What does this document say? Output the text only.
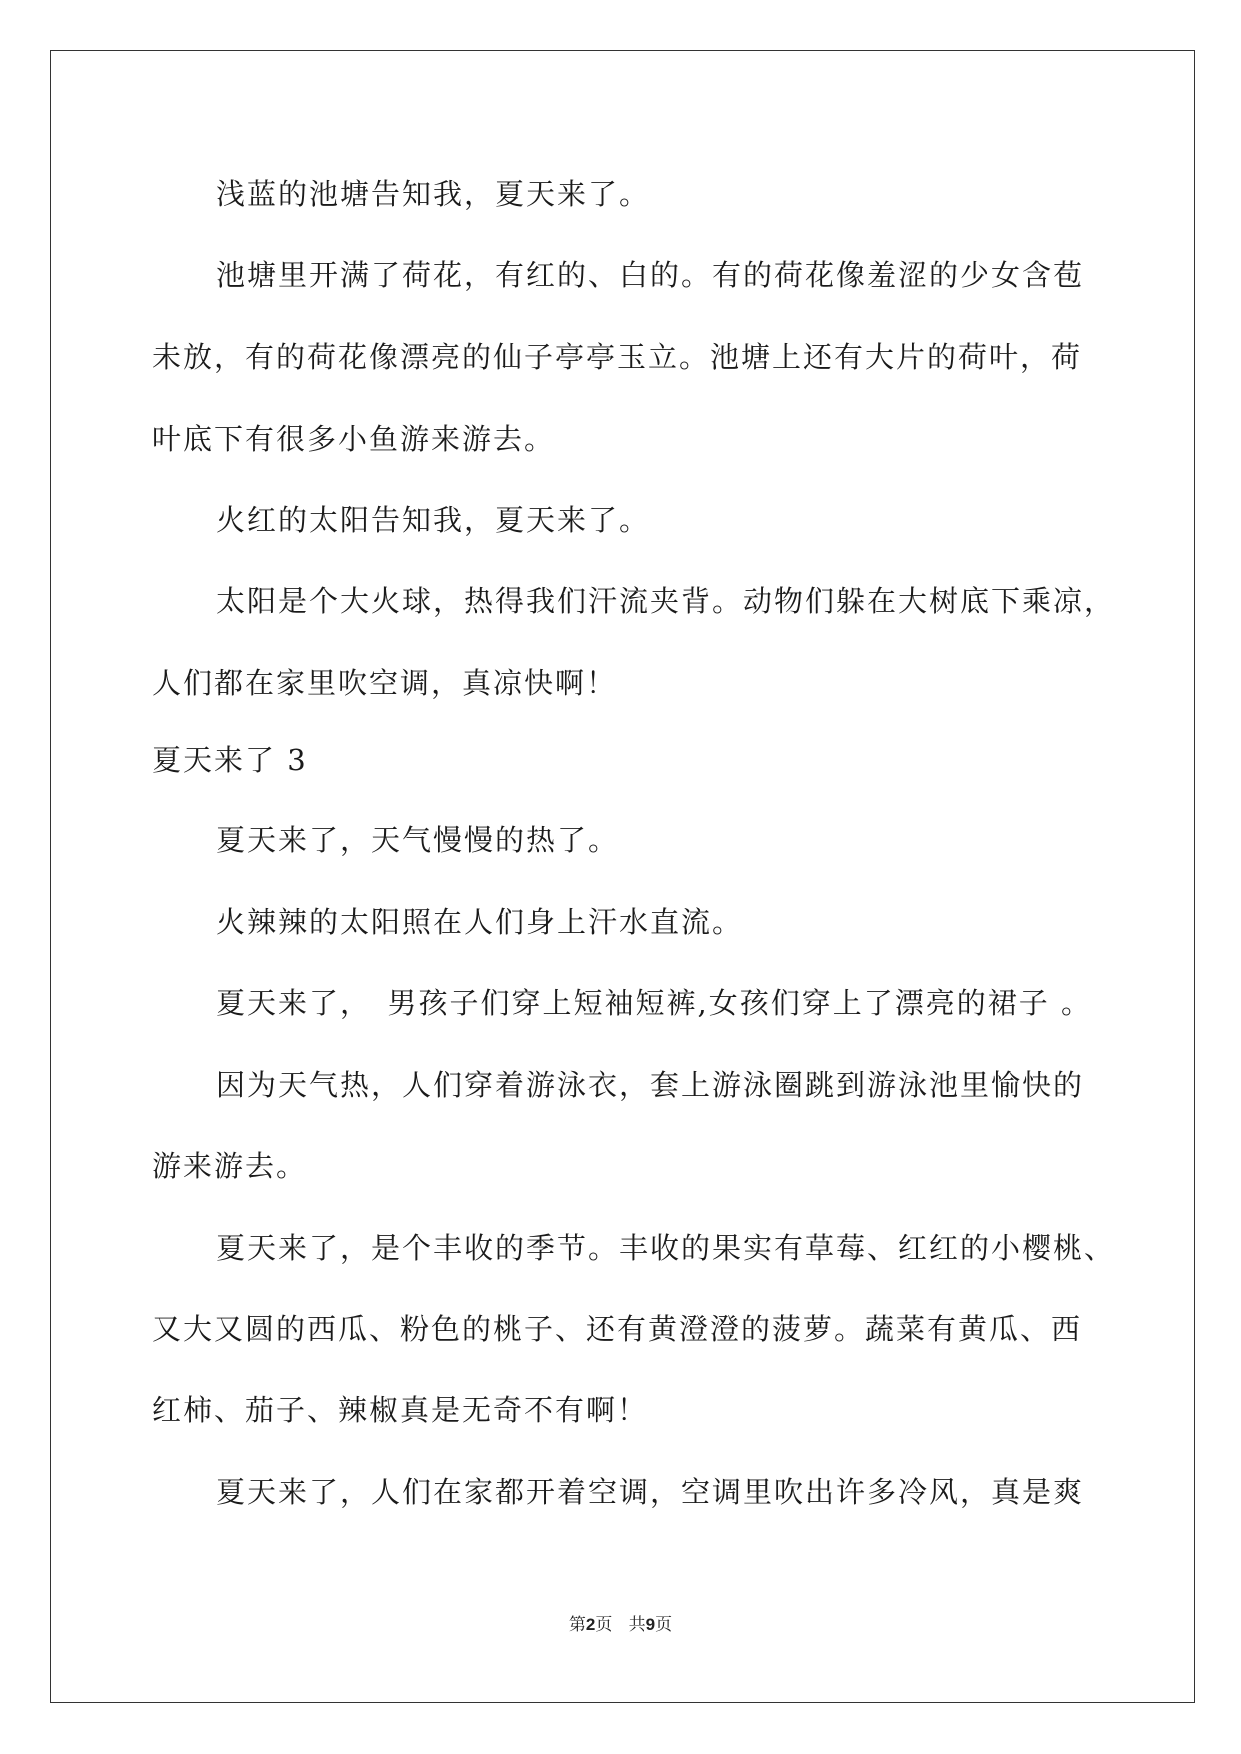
浅蓝的池塘告知我，夏天来了。
池塘里开满了荷花，有红的、白的。有的荷花像羞涩的少女含苞
未放，有的荷花像漂亮的仙子亭亭玉立。池塘上还有大片的荷叶，荷
叶底下有很多小鱼游来游去。
火红的太阳告知我，夏天来了。
太阳是个大火球，热得我们汗流夹背。动物们躲在大树底下乘凉，
人们都在家里吹空调，真凉快啊！
夏天来了 3
夏天来了，天气慢慢的热了。
火辣辣的太阳照在人们身上汗水直流。
夏天来了，　男孩子们穿上短袖短裤,女孩们穿上了漂亮的裙子 。
因为天气热，人们穿着游泳衣，套上游泳圈跳到游泳池里愉快的
游来游去。
夏天来了，是个丰收的季节。丰收的果实有草莓、红红的小樱桃、
又大又圆的西瓜、粉色的桃子、还有黄澄澄的菠萝。蔬菜有黄瓜、西
红柿、茄子、辣椒真是无奇不有啊！
夏天来了，人们在家都开着空调，空调里吹出许多冷风，真是爽
第2页 共9页
